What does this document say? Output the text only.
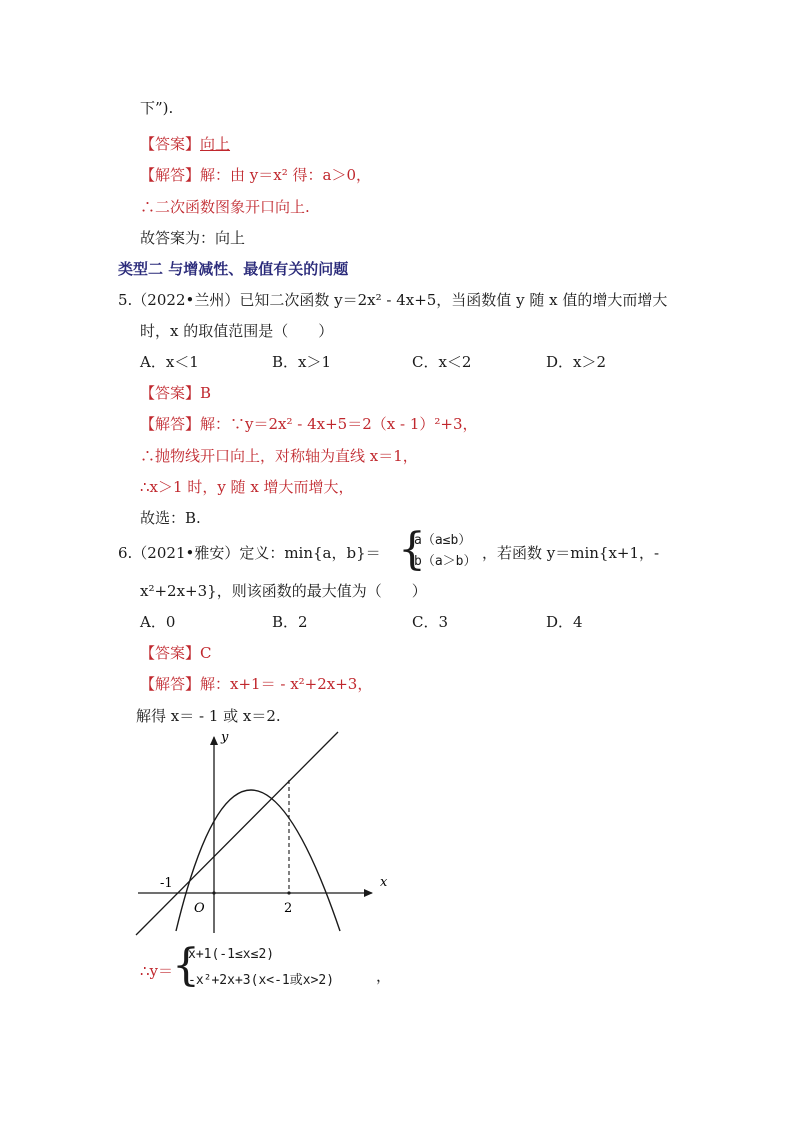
下”).
【答案】向上
【解答】解：由 y＝x² 得：a＞0，
∴二次函数图象开口向上.
故答案为：向上
类型二 与增减性、最值有关的问题
5.（2022•兰州）已知二次函数 y＝2x² ‑ 4x+5，当函数值 y 随 x 值的增大而增大
时，x 的取值范围是（　　）
A．x＜1	B．x＞1	C．x＜2	D．x＞2
【答案】B
【解答】解：∵y＝2x² ‑ 4x+5＝2（x ‑ 1）²+3，
∴抛物线开口向上，对称轴为直线 x＝1，
∴x＞1 时，y 随 x 增大而增大，
故选：B.
6.（2021•雅安）定义：min{a，b}＝ {
a（a≤b）
b（a＞b） ，若函数 y＝min{x+1，‑
x²+2x+3}，则该函数的最大值为（　　）
A．0	B．2	C．3	D．4
【答案】C
【解答】解：x+1＝ ‑ x²+2x+3，
解得 x＝ ‑ 1 或 x＝2.
y
x
O
-1
2
∴y＝
{
x+1(-1≤x≤2)
-x²+2x+3(x<-1或x>2)	，
